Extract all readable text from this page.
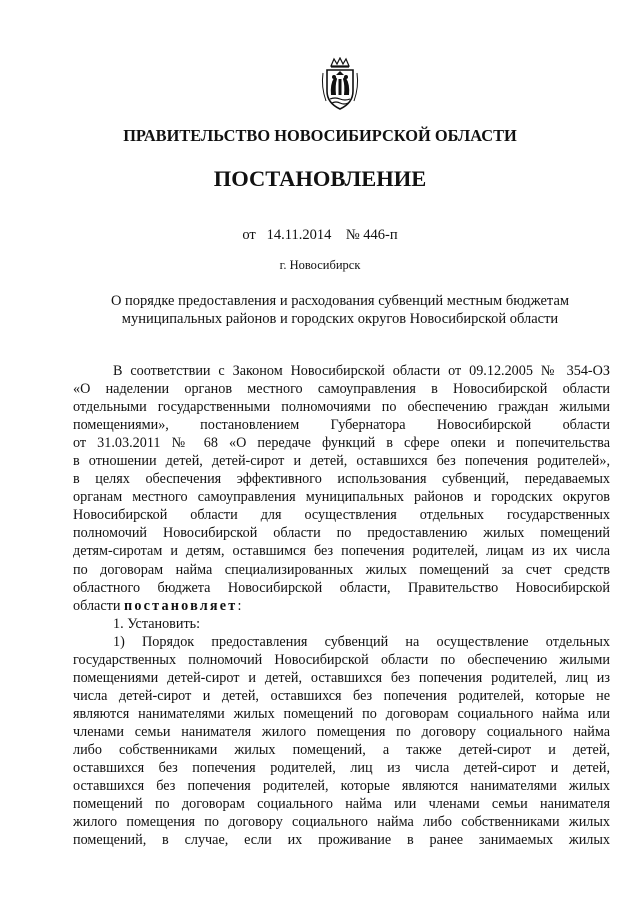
ПРАВИТЕЛЬСТВО НОВОСИБИРСКОЙ ОБЛАСТИ
ПОСТАНОВЛЕНИЕ
от 14.11.2014 № 446-п
г. Новосибирск
О порядке предоставления и расходования субвенций местным бюджетам
муниципальных районов и городских округов Новосибирской области
В соответствии с Законом Новосибирской области от 09.12.2005 № 354-ОЗ
«О наделении органов местного самоуправления в Новосибирской области
отдельными государственными полномочиями по обеспечению граждан жилыми
помещениями», постановлением Губернатора Новосибирской области
от 31.03.2011 № 68 «О передаче функций в сфере опеки и попечительства
в отношении детей, детей-сирот и детей, оставшихся без попечения родителей»,
в целях обеспечения эффективного использования субвенций, передаваемых
органам местного самоуправления муниципальных районов и городских округов
Новосибирской области для осуществления отдельных государственных
полномочий Новосибирской области по предоставлению жилых помещений
детям-сиротам и детям, оставшимся без попечения родителей, лицам из их числа
по договорам найма специализированных жилых помещений за счет средств
областного бюджета Новосибирской области, Правительство Новосибирской
области постановляет:
1. Установить:
1) Порядок предоставления субвенций на осуществление отдельных
государственных полномочий Новосибирской области по обеспечению жилыми
помещениями детей-сирот и детей, оставшихся без попечения родителей, лиц из
числа детей-сирот и детей, оставшихся без попечения родителей, которые не
являются нанимателями жилых помещений по договорам социального найма или
членами семьи нанимателя жилого помещения по договору социального найма
либо собственниками жилых помещений, а также детей-сирот и детей,
оставшихся без попечения родителей, лиц из числа детей-сирот и детей,
оставшихся без попечения родителей, которые являются нанимателями жилых
помещений по договорам социального найма или членами семьи нанимателя
жилого помещения по договору социального найма либо собственниками жилых
помещений, в случае, если их проживание в ранее занимаемых жилых
